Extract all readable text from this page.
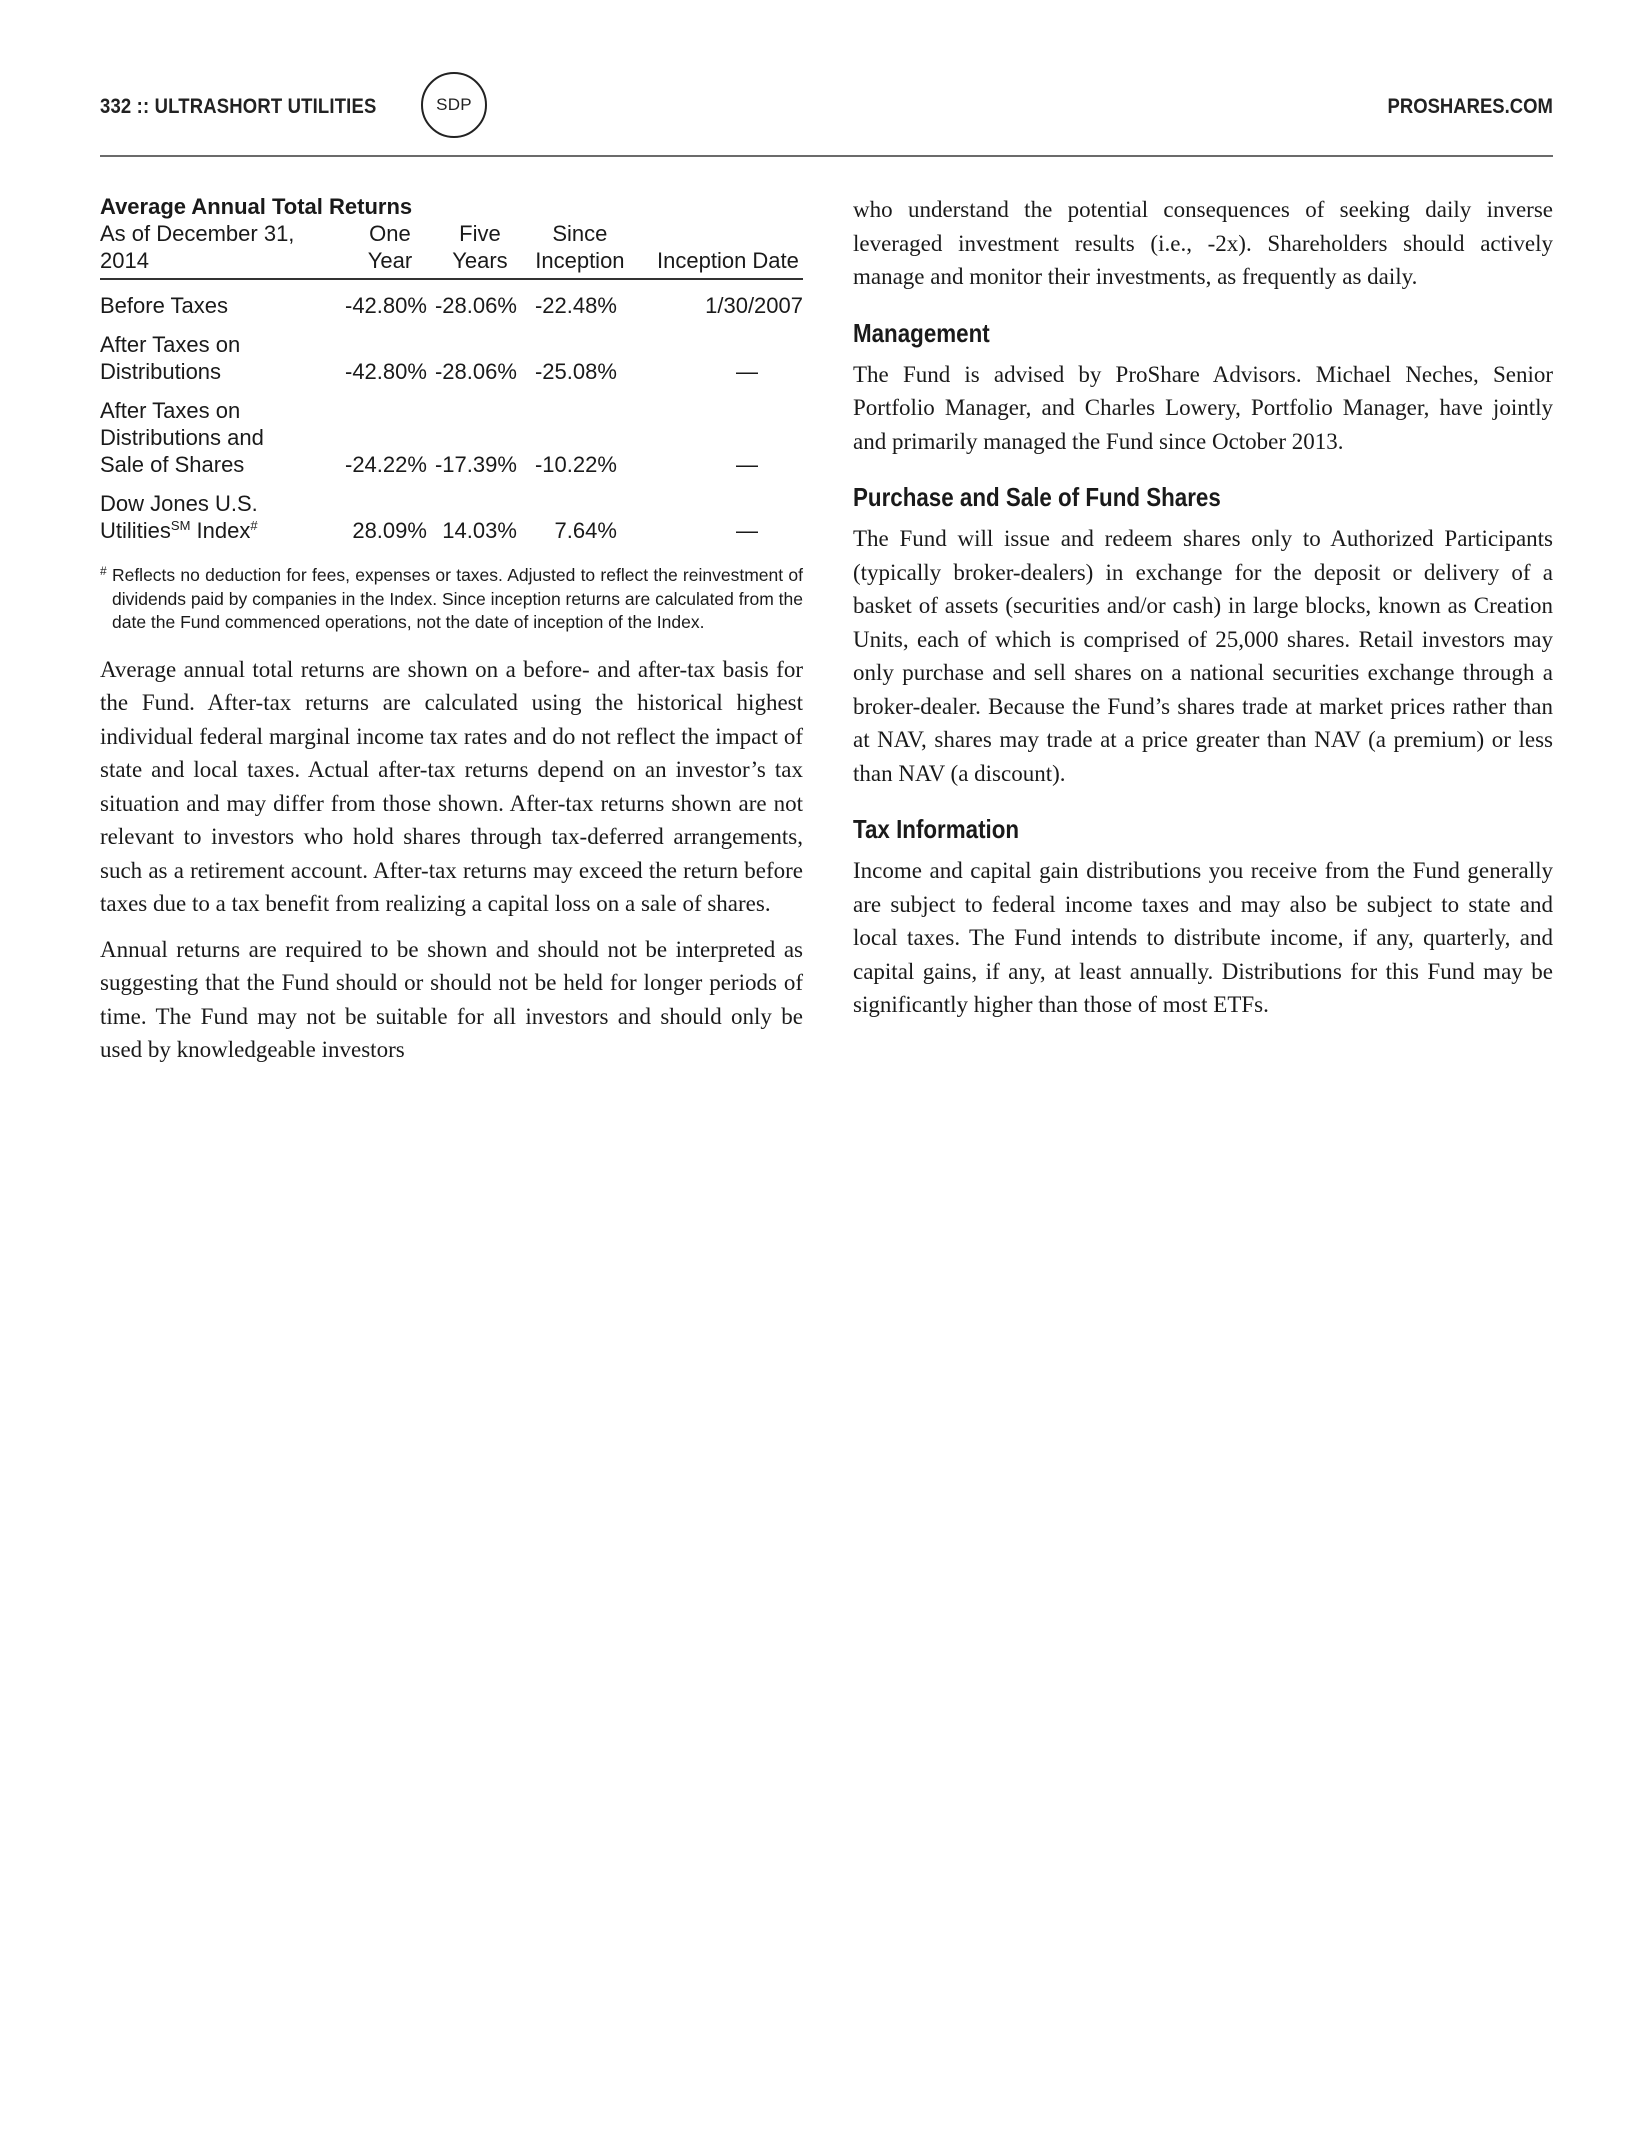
332 :: ULTRASHORT UTILITIES	SDP	PROSHARES.COM
Average Annual Total Returns
As of December 31, 2014	One Year	Five Years	Since Inception	Inception Date
Before Taxes	-42.80%	-28.06%	-22.48%	1/30/2007
After Taxes on Distributions	-42.80%	-28.06%	-25.08%	—
After Taxes on Distributions and Sale of Shares	-24.22%	-17.39%	-10.22%	—
Dow Jones U.S.
Utilities℠ Index#	28.09%	14.03%	7.64%	—
# Reflects no deduction for fees, expenses or taxes. Adjusted to reflect the reinvestment of dividends paid by companies in the Index. Since inception returns are calculated from the date the Fund commenced operations, not the date of inception of the Index.

Average annual total returns are shown on a before- and after-tax basis for the Fund. After-tax returns are calculated using the historical highest individual federal marginal income tax rates and do not reflect the impact of state and local taxes. Actual after-tax returns depend on an investor’s tax situation and may differ from those shown. After-tax returns shown are not relevant to investors who hold shares through tax-deferred arrangements, such as a retirement account. After-tax returns may exceed the return before taxes due to a tax benefit from realizing a capital loss on a sale of shares.

Annual returns are required to be shown and should not be interpreted as suggesting that the Fund should or should not be held for longer periods of time. The Fund may not be suitable for all investors and should only be used by knowledgeable investors

who understand the potential consequences of seeking daily inverse leveraged investment results (i.e., -2x). Shareholders should actively manage and monitor their investments, as frequently as daily.

Management

The Fund is advised by ProShare Advisors. Michael Neches, Senior Portfolio Manager, and Charles Lowery, Portfolio Manager, have jointly and primarily managed the Fund since October 2013.

Purchase and Sale of Fund Shares

The Fund will issue and redeem shares only to Authorized Participants (typically broker-dealers) in exchange for the deposit or delivery of a basket of assets (securities and/or cash) in large blocks, known as Creation Units, each of which is comprised of 25,000 shares. Retail investors may only purchase and sell shares on a national securities exchange through a broker-dealer. Because the Fund’s shares trade at market prices rather than at NAV, shares may trade at a price greater than NAV (a premium) or less than NAV (a discount).

Tax Information

Income and capital gain distributions you receive from the Fund generally are subject to federal income taxes and may also be subject to state and local taxes. The Fund intends to distribute income, if any, quarterly, and capital gains, if any, at least annually. Distributions for this Fund may be significantly higher than those of most ETFs.
